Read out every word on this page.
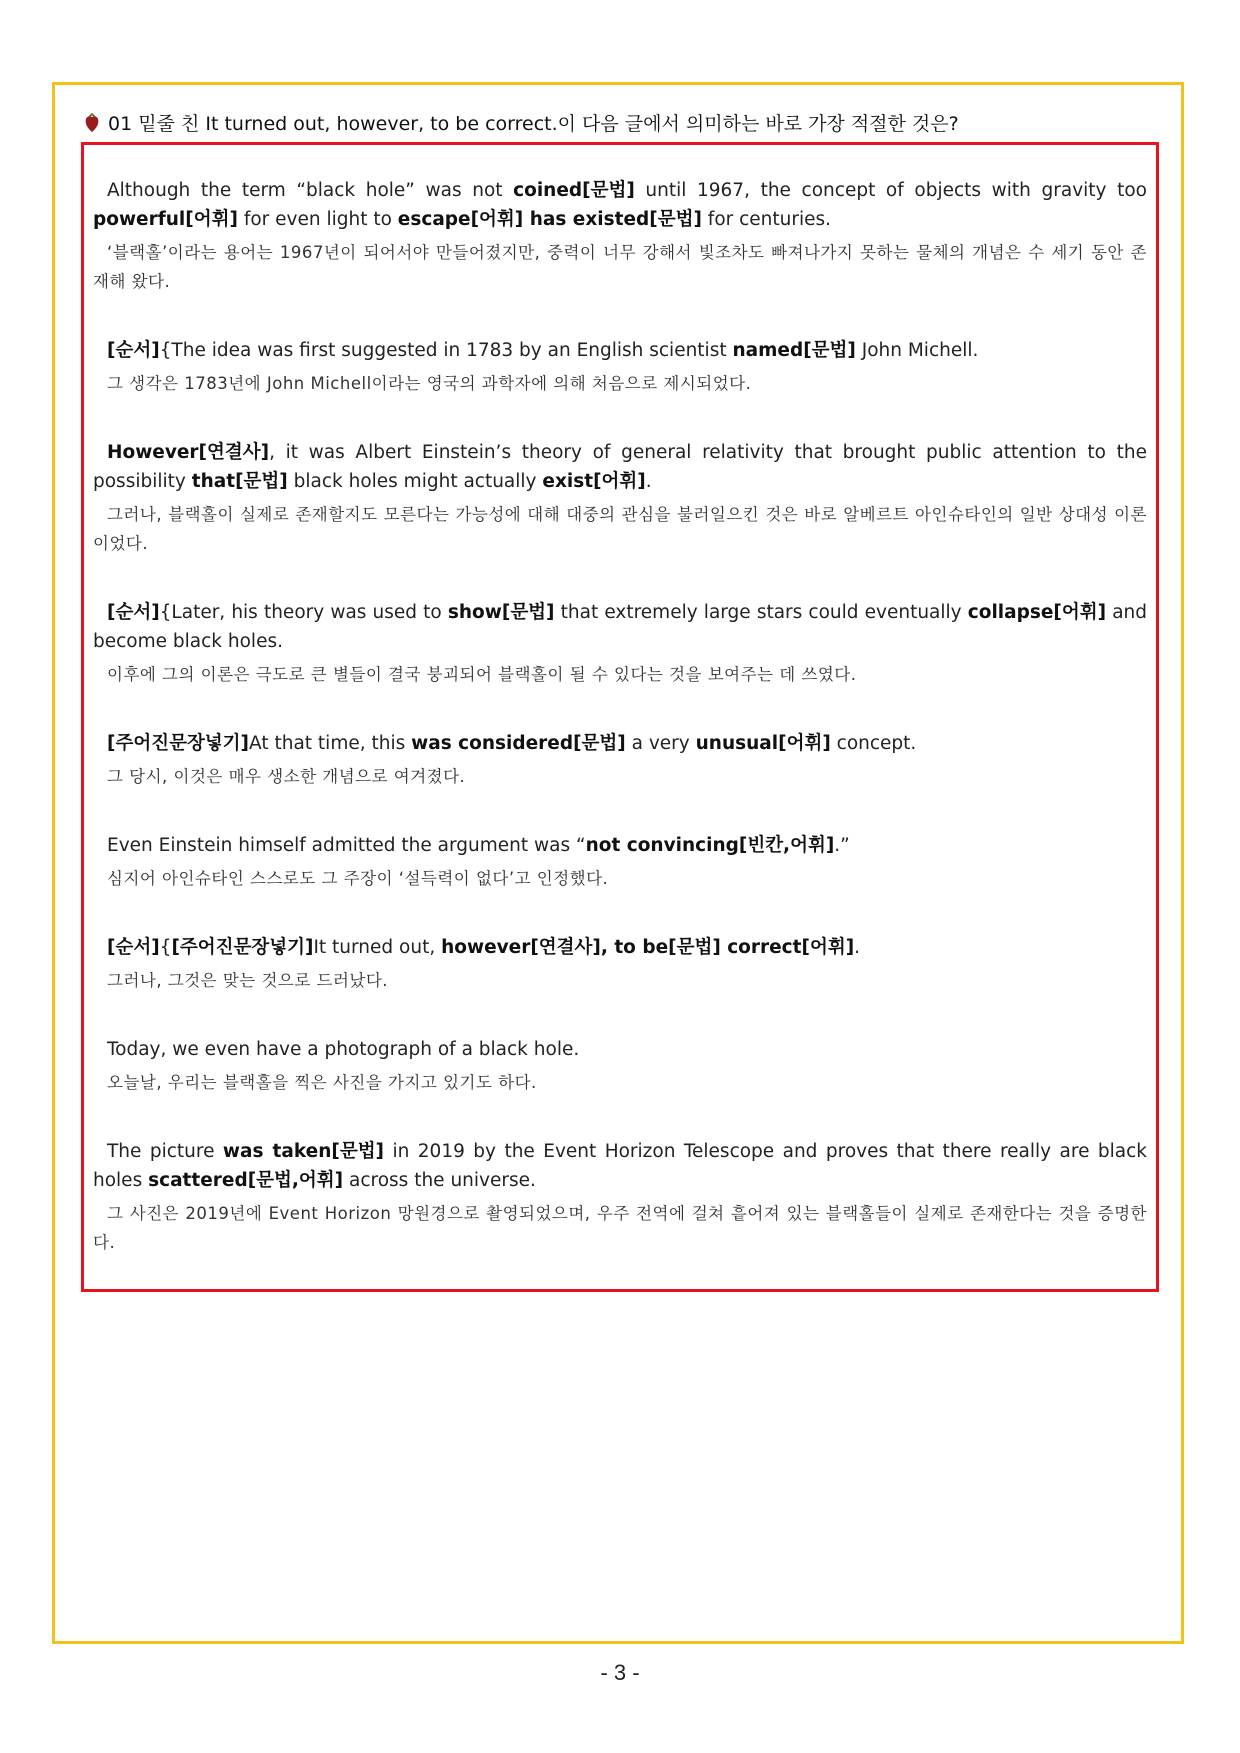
01 밑줄 친 It turned out, however, to be correct.이 다음 글에서 의미하는 바로 가장 적절한 것은?

Although the term “black hole” was not coined[문법] until 1967, the concept of objects with gravity too powerful[어휘] for even light to escape[어휘] has existed[문법] for centuries.

‘블랙홀’이라는 용어는 1967년이 되어서야 만들어졌지만, 중력이 너무 강해서 빛조차도 빠져나가지 못하는 물체의 개념은 수 세기 동안 존재해 왔다.

[순서]{The idea was first suggested in 1783 by an English scientist named[문법] John Michell.

그 생각은 1783년에 John Michell이라는 영국의 과학자에 의해 처음으로 제시되었다.

However[연결사], it was Albert Einstein’s theory of general relativity that brought public attention to the possibility that[문법] black holes might actually exist[어휘].

그러나, 블랙홀이 실제로 존재할지도 모른다는 가능성에 대해 대중의 관심을 불러일으킨 것은 바로 알베르트 아인슈타인의 일반 상대성 이론이었다.

[순서]{Later, his theory was used to show[문법] that extremely large stars could eventually collapse[어휘] and become black holes.

이후에 그의 이론은 극도로 큰 별들이 결국 붕괴되어 블랙홀이 될 수 있다는 것을 보여주는 데 쓰였다.

[주어진문장넣기]At that time, this was considered[문법] a very unusual[어휘] concept.

그 당시, 이것은 매우 생소한 개념으로 여겨졌다.

Even Einstein himself admitted the argument was “not convincing[빈칸,어휘].”

심지어 아인슈타인 스스로도 그 주장이 ‘설득력이 없다’고 인정했다.

[순서]{[주어진문장넣기]It turned out, however[연결사], to be[문법] correct[어휘].

그러나, 그것은 맞는 것으로 드러났다.

Today, we even have a photograph of a black hole.

오늘날, 우리는 블랙홀을 찍은 사진을 가지고 있기도 하다.

The picture was taken[문법] in 2019 by the Event Horizon Telescope and proves that there really are black holes scattered[문법,어휘] across the universe.

그 사진은 2019년에 Event Horizon 망원경으로 촬영되었으며, 우주 전역에 걸쳐 흩어져 있는 블랙홀들이 실제로 존재한다는 것을 증명한다.

- 3 -
